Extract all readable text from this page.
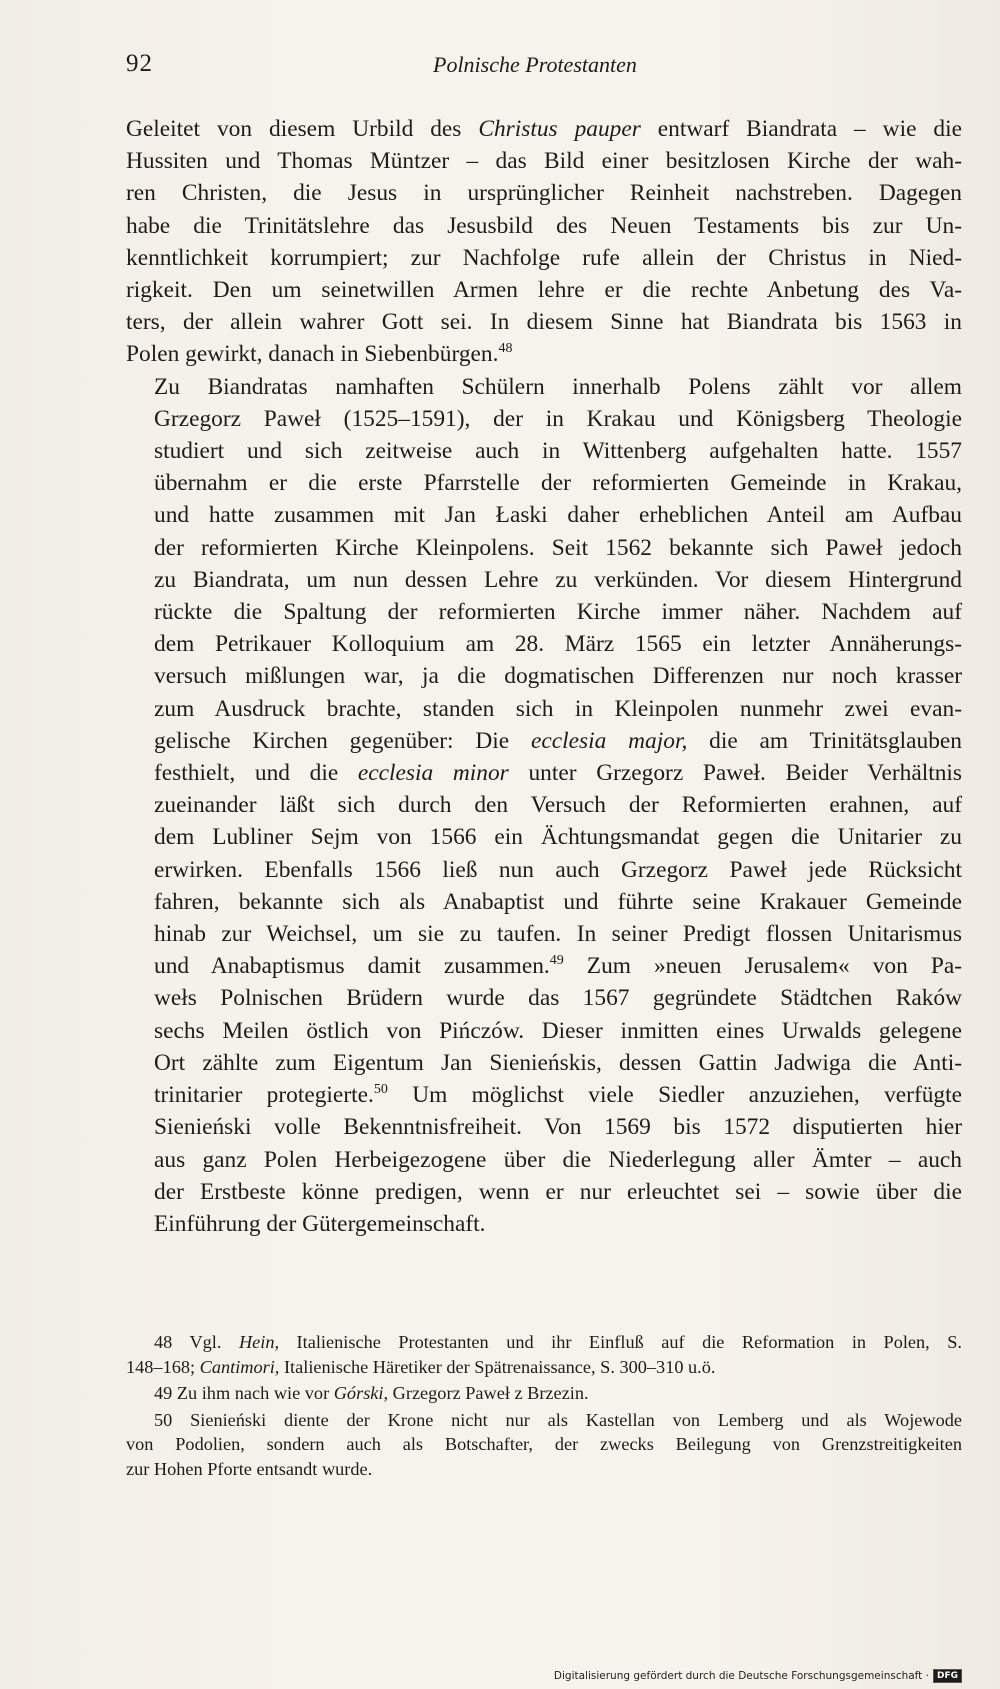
92	Polnische Protestanten

Geleitet von diesem Urbild des Christus pauper entwarf Biandrata – wie die
Hussiten und Thomas Müntzer – das Bild einer besitzlosen Kirche der wah-
ren Christen, die Jesus in ursprünglicher Reinheit nachstreben. Dagegen
habe die Trinitätslehre das Jesusbild des Neuen Testaments bis zur Un-
kenntlichkeit korrumpiert; zur Nachfolge rufe allein der Christus in Nied-
rigkeit. Den um seinetwillen Armen lehre er die rechte Anbetung des Va-
ters, der allein wahrer Gott sei. In diesem Sinne hat Biandrata bis 1563 in
Polen gewirkt, danach in Siebenbürgen.$^{48}$

Zu Biandratas namhaften Schülern innerhalb Polens zählt vor allem
Grzegorz Paweł (1525–1591), der in Krakau und Königsberg Theologie
studiert und sich zeitweise auch in Wittenberg aufgehalten hatte. 1557
übernahm er die erste Pfarrstelle der reformierten Gemeinde in Krakau,
und hatte zusammen mit Jan Łaski daher erheblichen Anteil am Aufbau
der reformierten Kirche Kleinpolens. Seit 1562 bekannte sich Paweł jedoch
zu Biandrata, um nun dessen Lehre zu verkünden. Vor diesem Hintergrund
rückte die Spaltung der reformierten Kirche immer näher. Nachdem auf
dem Petrikauer Kolloquium am 28. März 1565 ein letzter Annäherungs-
versuch mißlungen war, ja die dogmatischen Differenzen nur noch krasser
zum Ausdruck brachte, standen sich in Kleinpolen nunmehr zwei evan-
gelische Kirchen gegenüber: Die ecclesia major, die am Trinitätsglauben
festhielt, und die ecclesia minor unter Grzegorz Paweł. Beider Verhältnis
zueinander läßt sich durch den Versuch der Reformierten erahnen, auf
dem Lubliner Sejm von 1566 ein Ächtungsmandat gegen die Unitarier zu
erwirken. Ebenfalls 1566 ließ nun auch Grzegorz Paweł jede Rücksicht
fahren, bekannte sich als Anabaptist und führte seine Krakauer Gemeinde
hinab zur Weichsel, um sie zu taufen. In seiner Predigt flossen Unitarismus
und Anabaptismus damit zusammen.$^{49}$ Zum »neuen Jerusalem« von Pa-
wełs Polnischen Brüdern wurde das 1567 gegründete Städtchen Raków
sechs Meilen östlich von Pińczów. Dieser inmitten eines Urwalds gelegene
Ort zählte zum Eigentum Jan Sienieńskis, dessen Gattin Jadwiga die Anti-
trinitarier protegierte.$^{50}$ Um möglichst viele Siedler anzuziehen, verfügte
Sienieński volle Bekenntnisfreiheit. Von 1569 bis 1572 disputierten hier
aus ganz Polen Herbeigezogene über die Niederlegung aller Ämter – auch
der Erstbeste könne predigen, wenn er nur erleuchtet sei – sowie über die
Einführung der Gütergemeinschaft.

48 Vgl. Hein, Italienische Protestanten und ihr Einfluß auf die Reformation in Polen, S.
148–168; Cantimori, Italienische Häretiker der Spätrenaissance, S. 300–310 u.ö.
49 Zu ihm nach wie vor Górski, Grzegorz Paweł z Brzezin.
50 Sienieński diente der Krone nicht nur als Kastellan von Lemberg und als Wojewode
von Podolien, sondern auch als Botschafter, der zwecks Beilegung von Grenzstreitigkeiten
zur Hohen Pforte entsandt wurde.
Digitalisierung gefördert durch die Deutsche Forschungsgemeinschaft · DFG
